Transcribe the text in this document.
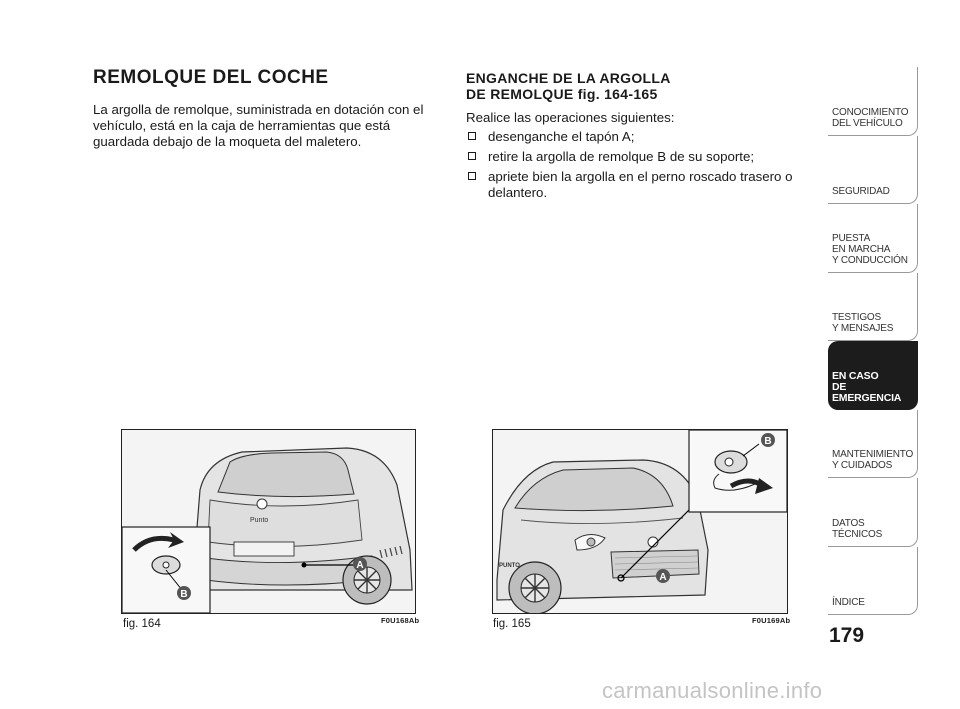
REMOLQUE DEL COCHE

La argolla de remolque, suministrada en dotación con el vehículo, está en la caja de herramientas que está guardada debajo de la moqueta del maletero.

ENGANCHE DE LA ARGOLLA
DE REMOLQUE fig. 164-165

Realice las operaciones siguientes:

desenganche el tapón A;
retire la argolla de remolque B de su soporte;
apriete bien la argolla en el perno roscado trasero o delantero.
Punto
A
B
fig. 164	F0U168Ab
PUNTO
A
B
fig. 165	F0U169Ab
CONOCIMIENTO
DEL VEHÍCULO
SEGURIDAD
PUESTA
EN MARCHA
Y CONDUCCIÓN
TESTIGOS
Y MENSAJES
EN CASO
DE EMERGENCIA
MANTENIMIENTO
Y CUIDADOS
DATOS TÉCNICOS
ÍNDICE
179
carmanualsonline.info
